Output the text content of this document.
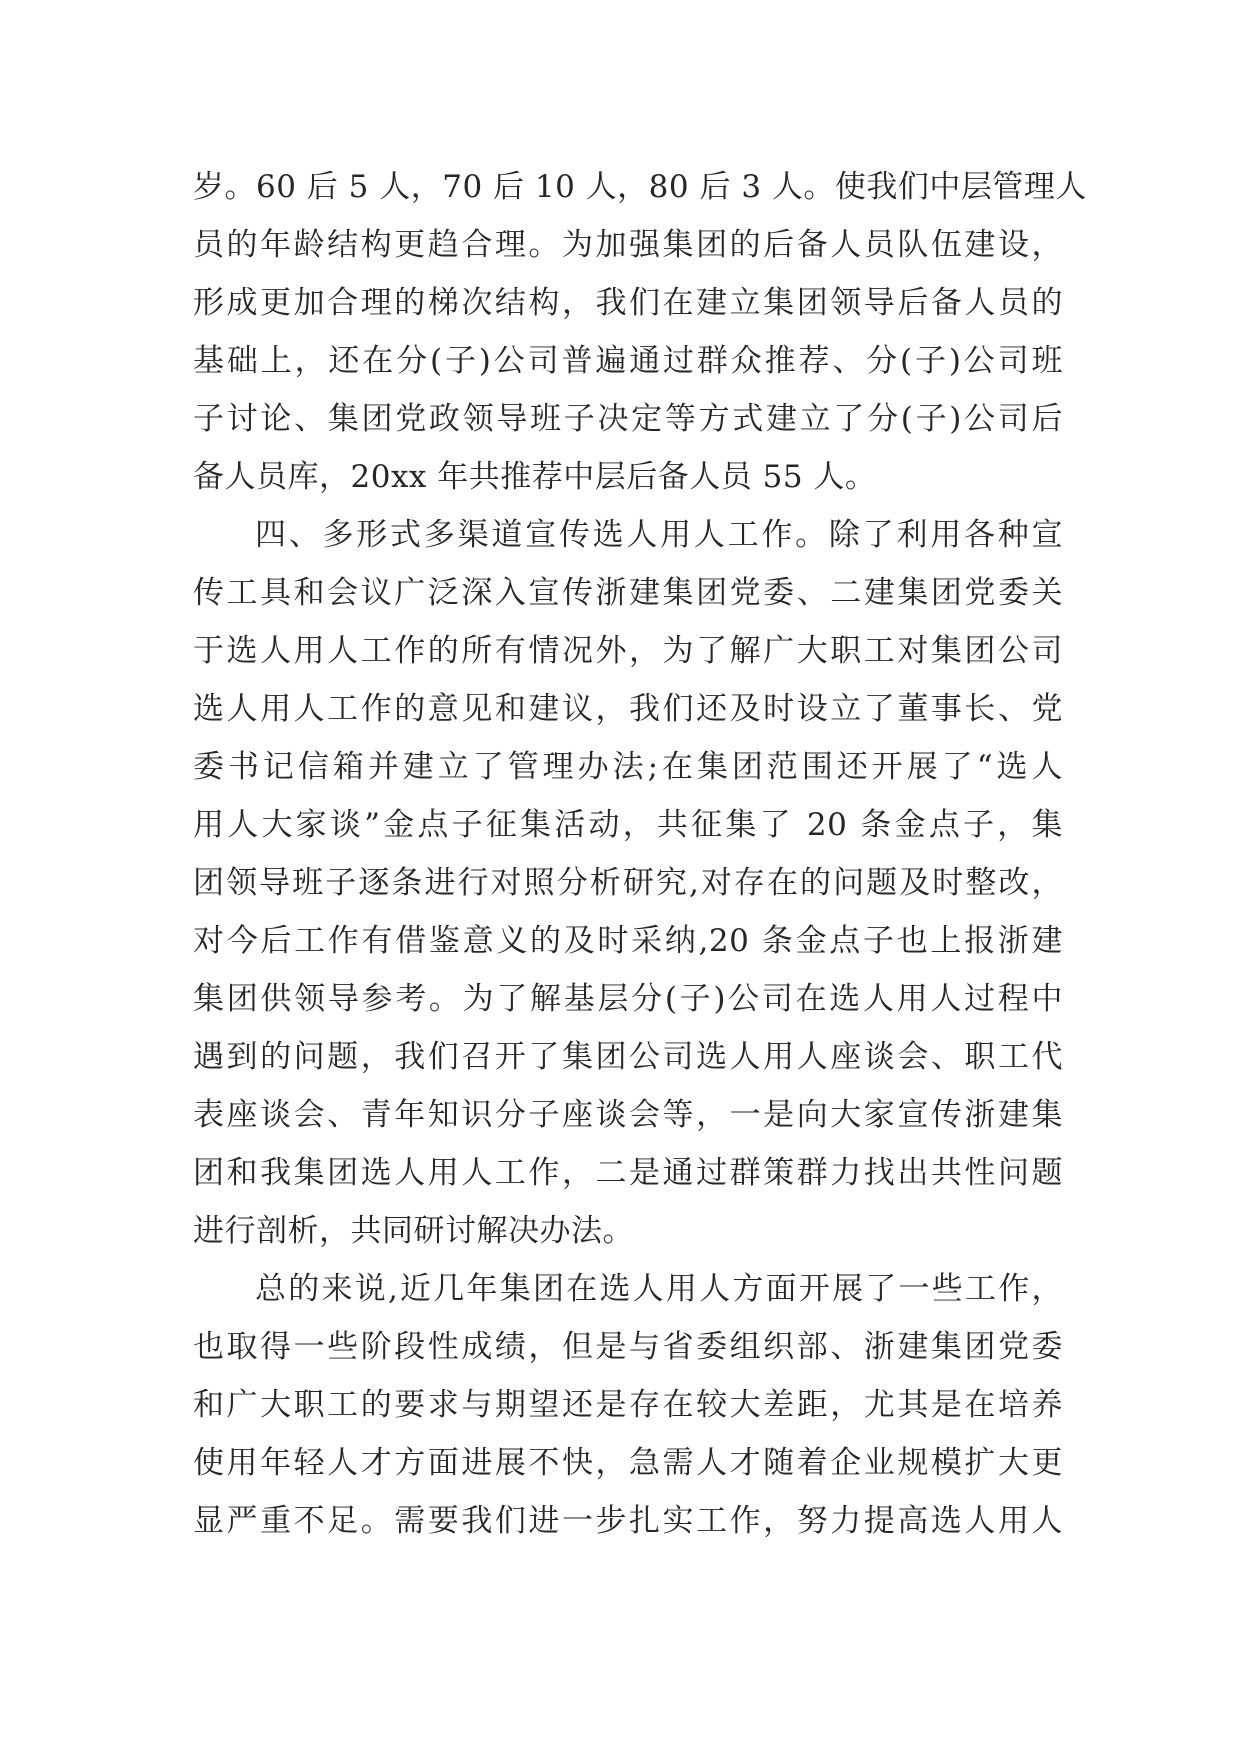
岁。60 后 5 人，70 后 10 人，80 后 3 人。使我们中层管理人
员的年龄结构更趋合理。为加强集团的后备人员队伍建设，
形成更加合理的梯次结构，我们在建立集团领导后备人员的
基础上，还在分(子)公司普遍通过群众推荐、分(子)公司班
子讨论、集团党政领导班子决定等方式建立了分(子)公司后
备人员库，20xx 年共推荐中层后备人员 55 人。
四、多形式多渠道宣传选人用人工作。除了利用各种宣
传工具和会议广泛深入宣传浙建集团党委、二建集团党委关
于选人用人工作的所有情况外，为了解广大职工对集团公司
选人用人工作的意见和建议，我们还及时设立了董事长、党
委书记信箱并建立了管理办法;在集团范围还开展了“选人
用人大家谈”金点子征集活动，共征集了 20 条金点子，集
团领导班子逐条进行对照分析研究,对存在的问题及时整改，
对今后工作有借鉴意义的及时采纳,20 条金点子也上报浙建
集团供领导参考。为了解基层分(子)公司在选人用人过程中
遇到的问题，我们召开了集团公司选人用人座谈会、职工代
表座谈会、青年知识分子座谈会等，一是向大家宣传浙建集
团和我集团选人用人工作，二是通过群策群力找出共性问题
进行剖析，共同研讨解决办法。
总的来说,近几年集团在选人用人方面开展了一些工作，
也取得一些阶段性成绩，但是与省委组织部、浙建集团党委
和广大职工的要求与期望还是存在较大差距，尤其是在培养
使用年轻人才方面进展不快，急需人才随着企业规模扩大更
显严重不足。需要我们进一步扎实工作，努力提高选人用人
